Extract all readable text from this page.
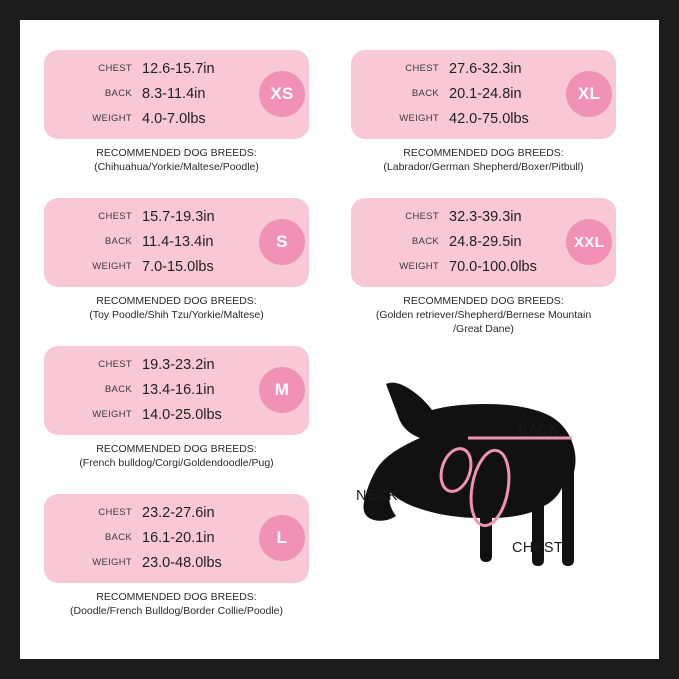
CHEST 12.6-15.7in
BACK 8.3-11.4in
WEIGHT 4.0-7.0lbs
XS
RECOMMENDED DOG BREEDS:
(Chihuahua/Yorkie/Maltese/Poodle)
CHEST 15.7-19.3in
BACK 11.4-13.4in
WEIGHT 7.0-15.0lbs
S
RECOMMENDED DOG BREEDS:
(Toy Poodle/Shih Tzu/Yorkie/Maltese)
CHEST 19.3-23.2in
BACK 13.4-16.1in
WEIGHT 14.0-25.0lbs
M
RECOMMENDED DOG BREEDS:
(French bulldog/Corgi/Goldendoodle/Pug)
CHEST 23.2-27.6in
BACK 16.1-20.1in
WEIGHT 23.0-48.0lbs
L
RECOMMENDED DOG BREEDS:
(Doodle/French Bulldog/Border Collie/Poodle)
CHEST 27.6-32.3in
BACK 20.1-24.8in
WEIGHT 42.0-75.0lbs
XL
RECOMMENDED DOG BREEDS:
(Labrador/German Shepherd/Boxer/Pitbull)
CHEST 32.3-39.3in
BACK 24.8-29.5in
WEIGHT 70.0-100.0lbs
XXL
RECOMMENDED DOG BREEDS:
(Golden retriever/Shepherd/Bernese Mountain
/Great Dane)
BACK
NECK
CHEST
